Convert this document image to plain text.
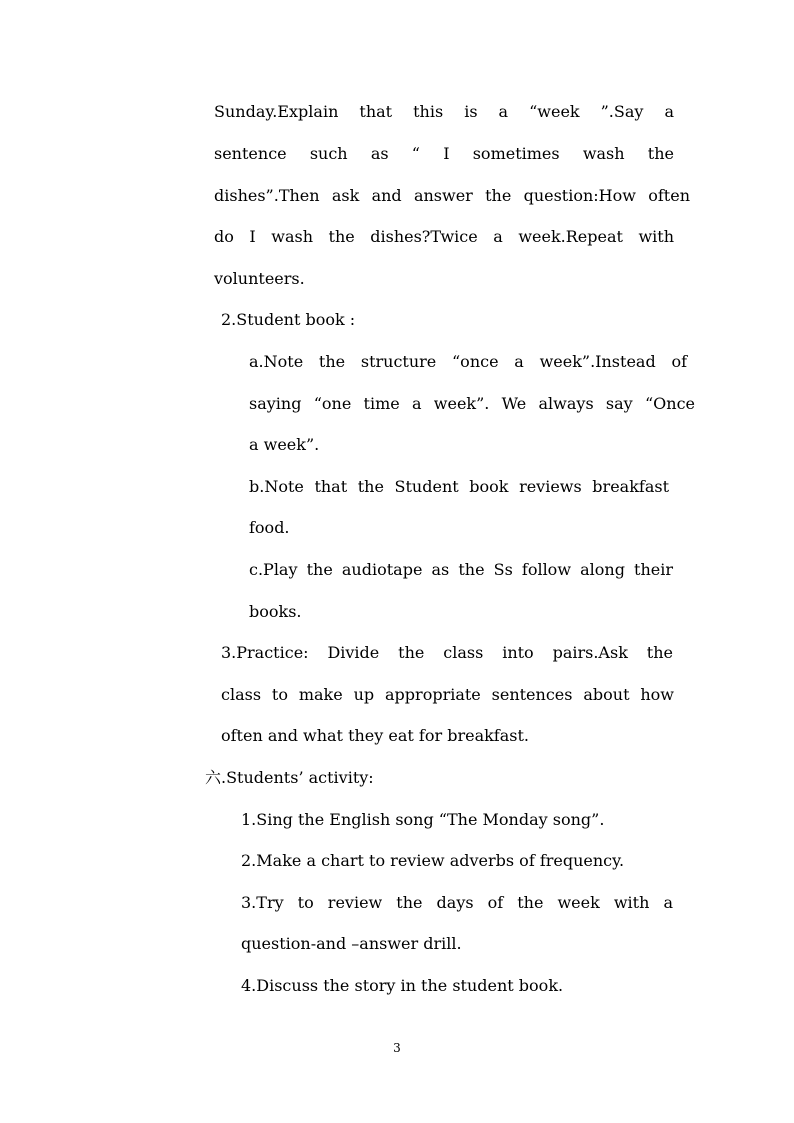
Sunday.Explain that this is a “week ”.Say a
sentence such as “ I sometimes wash the
dishes”.Then ask and answer the question:How often
do I wash the dishes?Twice a week.Repeat with
volunteers.
2.Student book :
a.Note the structure “once a week”.Instead of
saying “one time a week”. We always say “Once
a week”.
b.Note that the Student book reviews breakfast
food.
c.Play the audiotape as the Ss follow along their
books.
3.Practice: Divide the class into pairs.Ask the
class to make up appropriate sentences about how
often and what they eat for breakfast.
六.Students’ activity:
1.Sing the English song “The Monday song”.
2.Make a chart to review adverbs of frequency.
3.Try to review the days of the week with a
question-and –answer drill.
4.Discuss the story in the student book.
3
